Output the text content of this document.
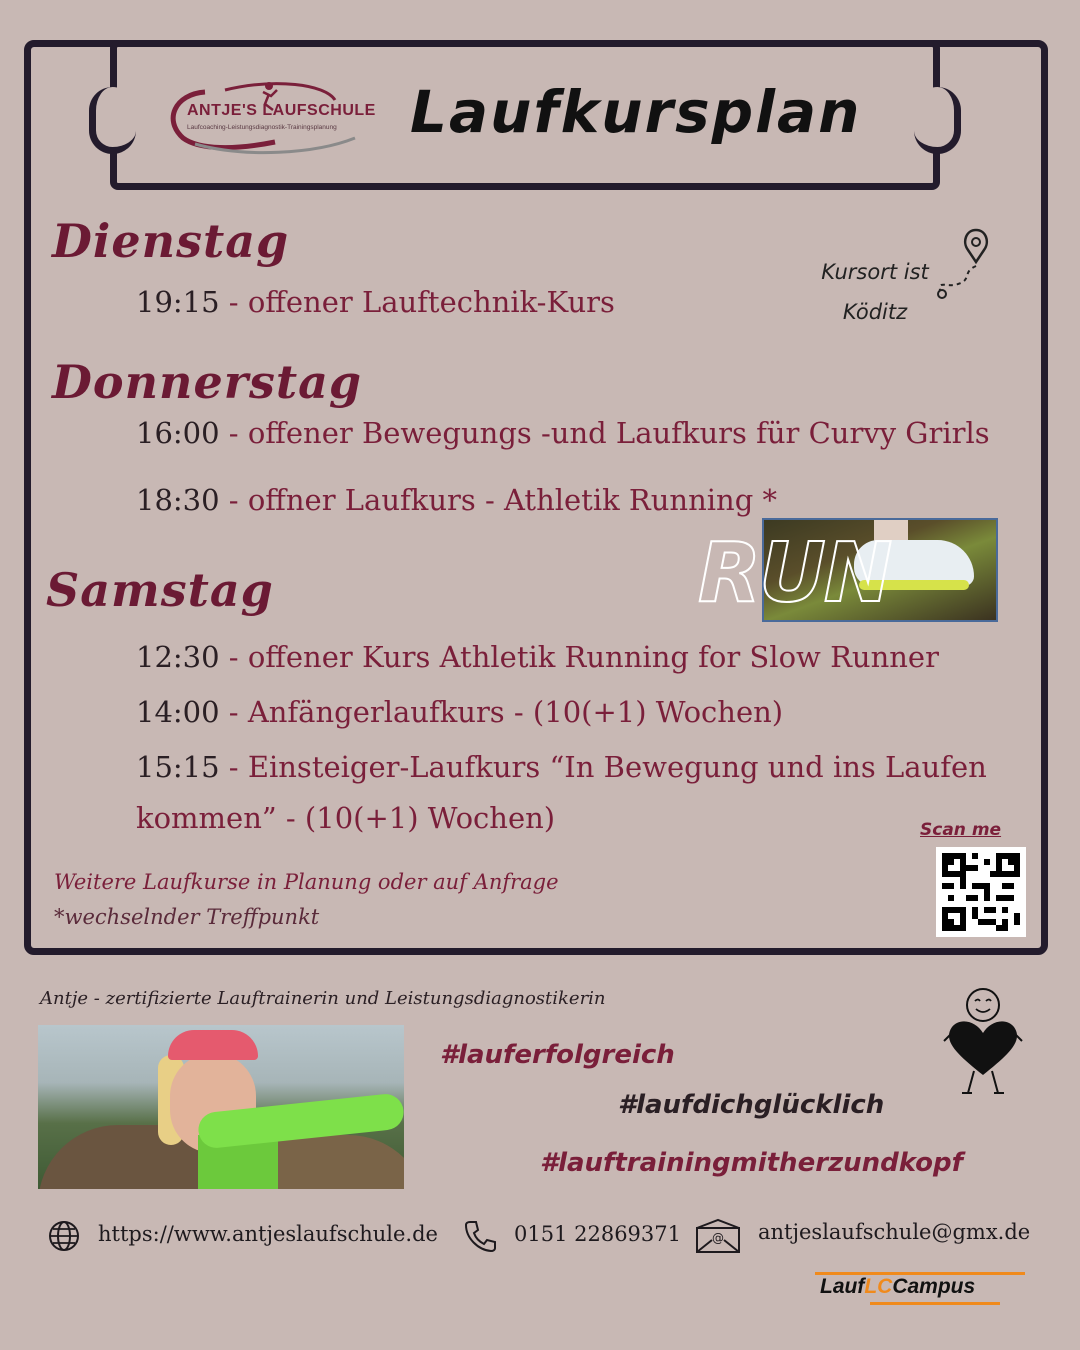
ANTJE'S LAUFSCHULE
Laufcoaching-Leistungsdiagnostik-Trainingsplanung Laufkursplan
Dienstag
19:15 - offener Lauftechnik-Kurs
Kursort ist
Köditz
Donnerstag
16:00 - offener Bewegungs -und Laufkurs für Curvy Grirls
18:30 - offner Laufkurs - Athletik Running *
RUN
Samstag
12:30 - offener Kurs Athletik Running for Slow Runner
14:00 - Anfängerlaufkurs - (10(+1) Wochen)
15:15 - Einsteiger-Laufkurs “In Bewegung und ins Laufen
kommen” - (10(+1) Wochen)
Weitere Laufkurse in Planung oder auf Anfrage
*wechselnder Treffpunkt
Scan me
Antje - zertifizierte Lauftrainerin und Leistungsdiagnostikerin
#lauferfolgreich
#laufdichglücklich
#lauftrainingmitherzundkopf
https://www.antjeslaufschule.de	0151 22869371	@ antjeslaufschule@gmx.de
LaufLCCampus
